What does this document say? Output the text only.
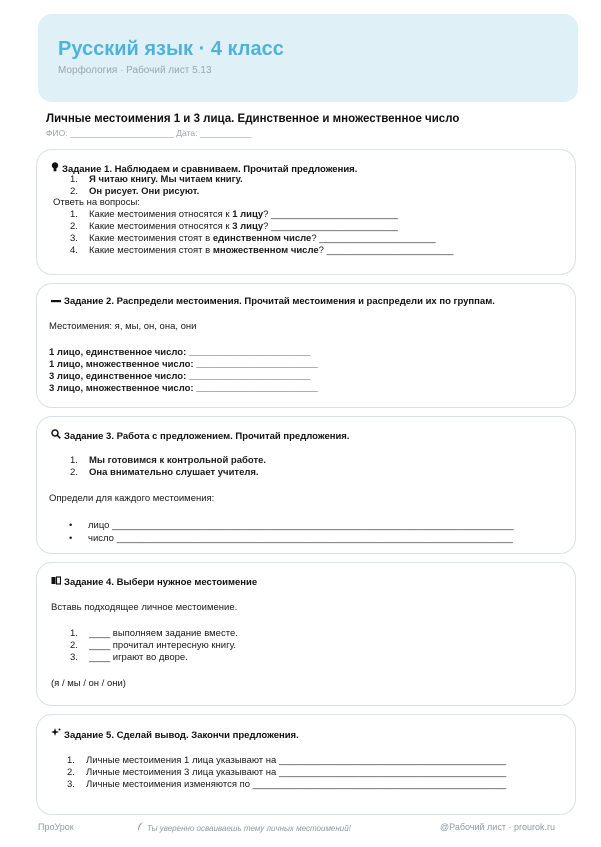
Русский язык · 4 класс
Морфология · Рабочий лист 5.13
Личные местоимения 1 и 3 лица. Единственное и множественное число
ФИО: ______________________ Дата: ___________
Задание 1. Наблюдаем и сравниваем. Прочитай предложения.
1. Я читаю книгу. Мы читаем книгу.
2. Он рисует. Они рисуют.
Ответь на вопросы:
1. Какие местоимения относятся к 1 лицу? ________________________
2. Какие местоимения относятся к 3 лицу? ________________________
3. Какие местоимения стоят в единственном числе? ______________________
4. Какие местоимения стоят в множественном числе? ________________________
Задание 2. Распредели местоимения. Прочитай местоимения и распредели их по группам.
Местоимения: я, мы, он, она, они
1 лицо, единственное число: _______________________
1 лицо, множественное число: _______________________
3 лицо, единственное число: _______________________
3 лицо, множественное число: _______________________
Задание 3. Работа с предложением. Прочитай предложения.
1. Мы готовимся к контрольной работе.
2. Она внимательно слушает учителя.
Определи для каждого местоимения:
• лицо ____________________________________________________________________________
• число ___________________________________________________________________________
Задание 4. Выбери нужное местоимение
Вставь подходящее личное местоимение.
1. ____ выполняем задание вместе.
2. ____ прочитал интересную книгу.
3. ____ играют во дворе.
(я / мы / он / они)
Задание 5. Сделай вывод. Закончи предложения.
1. Личные местоимения 1 лица указывают на ___________________________________________
2. Личные местоимения 3 лица указывают на ___________________________________________
3. Личные местоимения изменяются по ________________________________________________
ПроУрок	Ты уверенно осваиваешь тему личных местоимений!	@Рабочий лист · prourok.ru
